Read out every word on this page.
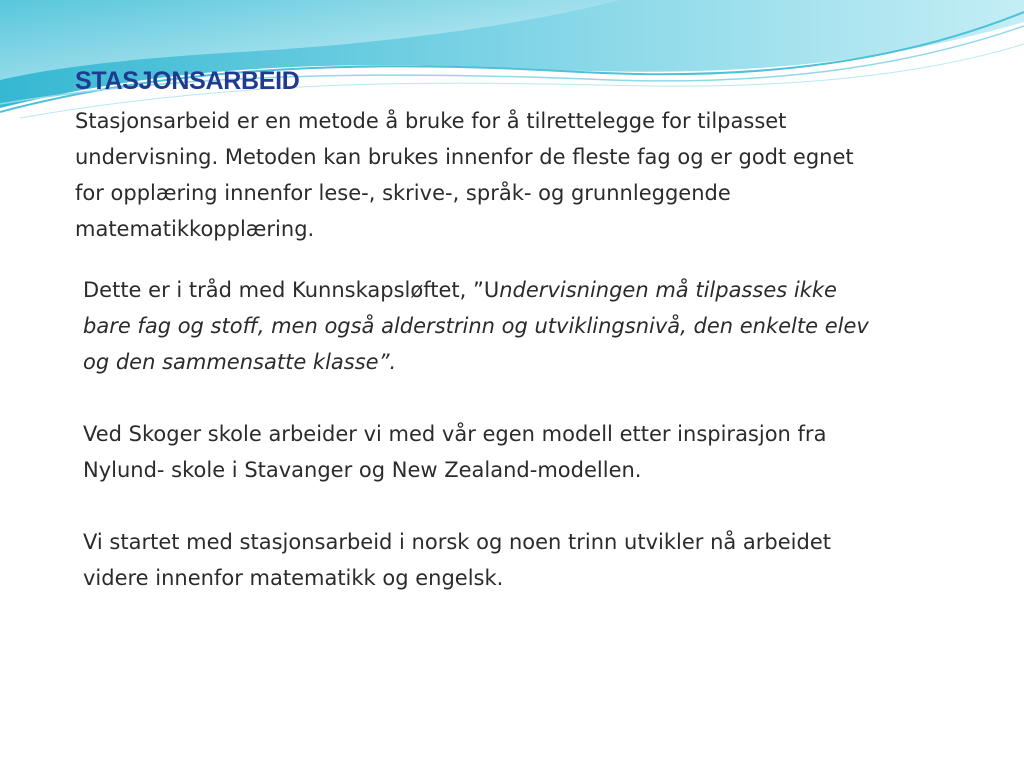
STASJONSARBEID

Stasjonsarbeid er en metode å bruke for å tilrettelegge for tilpasset undervisning. Metoden kan brukes innenfor de fleste fag og er godt egnet for opplæring innenfor lese-, skrive-, språk- og grunnleggende matematikkopplæring.

Dette er i tråd med Kunnskapsløftet, ”Undervisningen må tilpasses ikke bare fag og stoff, men også alderstrinn og utviklingsnivå, den enkelte elev og den sammensatte klasse”.

Ved Skoger skole arbeider vi med vår egen modell etter inspirasjon fra Nylund- skole i Stavanger og New Zealand-modellen.

Vi startet med stasjonsarbeid i norsk og noen trinn utvikler nå arbeidet videre innenfor matematikk og engelsk.
